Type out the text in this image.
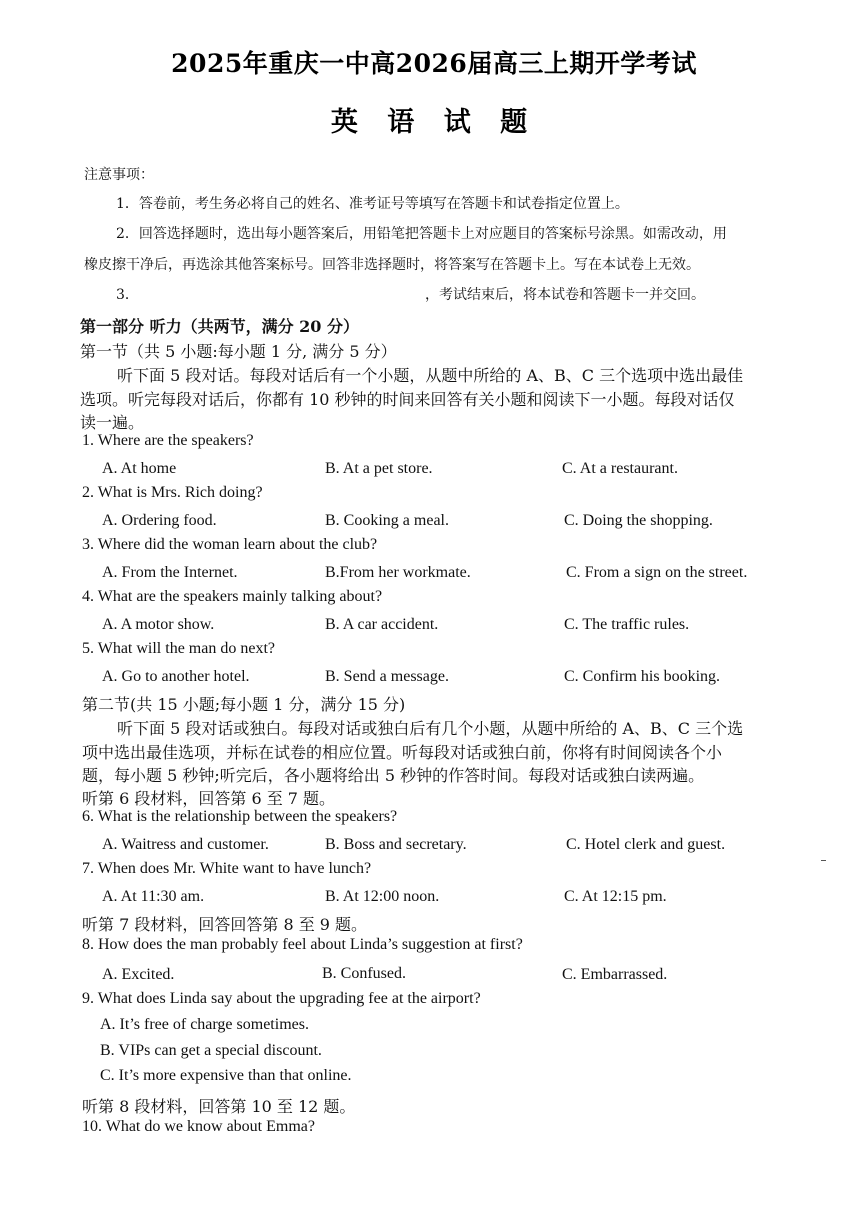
2025年重庆一中高2026届高三上期开学考试
英 语 试 题
注意事项：
1．答卷前，考生务必将自己的姓名、准考证号等填写在答题卡和试卷指定位置上。
2．回答选择题时，选出每小题答案后，用铅笔把答题卡上对应题目的答案标号涂黑。如需改动，用
橡皮擦干净后，再选涂其他答案标号。回答非选择题时，将答案写在答题卡上。写在本试卷上无效。
3．	，考试结束后，将本试卷和答题卡一并交回。
第一部分 听力（共两节，满分 20 分）
第一节（共 5 小题:每小题 1 分, 满分 5 分）
听下面 5 段对话。每段对话后有一个小题，从题中所给的 A、B、C 三个选项中选出最佳
选项。听完每段对话后，你都有 10 秒钟的时间来回答有关小题和阅读下一小题。每段对话仅
读一遍。
1. Where are the speakers?
A. At home	B. At a pet store.	C. At a restaurant.
2. What is Mrs. Rich doing?
A. Ordering food.	B. Cooking a meal.	C. Doing the shopping.
3. Where did the woman learn about the club?
A. From the Internet.	B.From her workmate.	C. From a sign on the street.
4. What are the speakers mainly talking about?
A. A motor show.	B. A car accident.	C. The traffic rules.
5. What will the man do next?
A. Go to another hotel.	B. Send a message.	C. Confirm his booking.
第二节(共 15 小题;每小题 1 分，满分 15 分)
听下面 5 段对话或独白。每段对话或独白后有几个小题，从题中所给的 A、B、C 三个选
项中选出最佳选项，并标在试卷的相应位置。听每段对话或独白前，你将有时间阅读各个小
题，每小题 5 秒钟;听完后，各小题将给出 5 秒钟的作答时间。每段对话或独白读两遍。
听第 6 段材料，回答第 6 至 7 题。
6. What is the relationship between the speakers?
A. Waitress and customer.	B. Boss and secretary.	C. Hotel clerk and guest.
7. When does Mr. White want to have lunch?
A. At 11:30 am.	B. At 12:00 noon.	C. At 12:15 pm.
听第 7 段材料，回答回答第 8 至 9 题。
8. How does the man probably feel about Linda’s suggestion at first?
A. Excited.	B. Confused.	C. Embarrassed.
9. What does Linda say about the upgrading fee at the airport?
A. It’s free of charge sometimes.
B. VIPs can get a special discount.
C. It’s more expensive than that online.
听第 8 段材料，回答第 10 至 12 题。
10. What do we know about Emma?
